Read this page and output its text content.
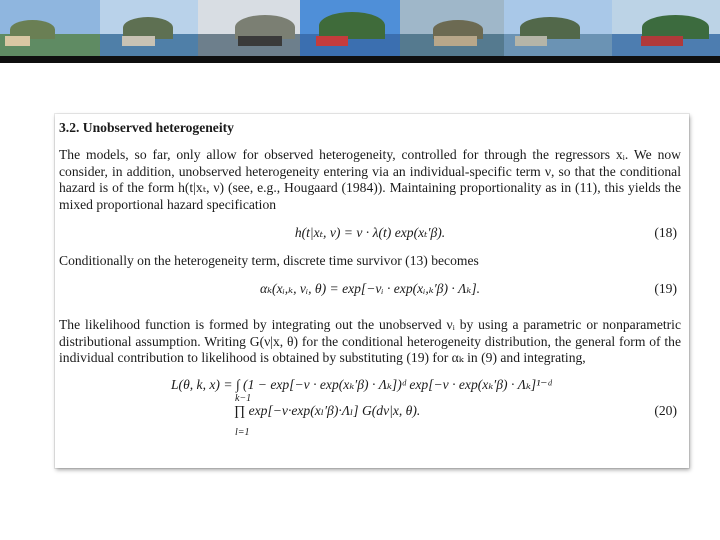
3.2. Unobserved heterogeneity

The models, so far, only allow for observed heterogeneity, controlled for through the regressors xᵢ. We now consider, in addition, unobserved heterogeneity entering via an individual-specific term ν, so that the conditional hazard is of the form h(t|xₜ, ν) (see, e.g., Hougaard (1984)). Maintaining proportionality as in (11), this yields the mixed proportional hazard specification

h(t|xₜ, ν) = ν · λ(t) exp(xₜ′β).	(18)

Conditionally on the heterogeneity term, discrete time survivor (13) becomes

αₖ(xᵢ,ₖ, νᵢ, θ) = exp[−νᵢ · exp(xᵢ,ₖ′β) · Λₖ].	(19)

The likelihood function is formed by integrating out the unobserved νᵢ by using a parametric or nonparametric distributional assumption. Writing G(ν|x, θ) for the conditional heterogeneity distribution, the general form of the individual contribution to likelihood is obtained by substituting (19) for αₖ in (9) and integrating,

L(θ, k, x) = ∫ (1 − exp[−ν · exp(xₖ′β) · Λₖ])ᵈ exp[−ν · exp(xₖ′β) · Λₖ]¹⁻ᵈ
k−1
∏ exp[−ν·exp(xₗ′β)·Λₗ] G(dν|x, θ).
l=1
(20)
